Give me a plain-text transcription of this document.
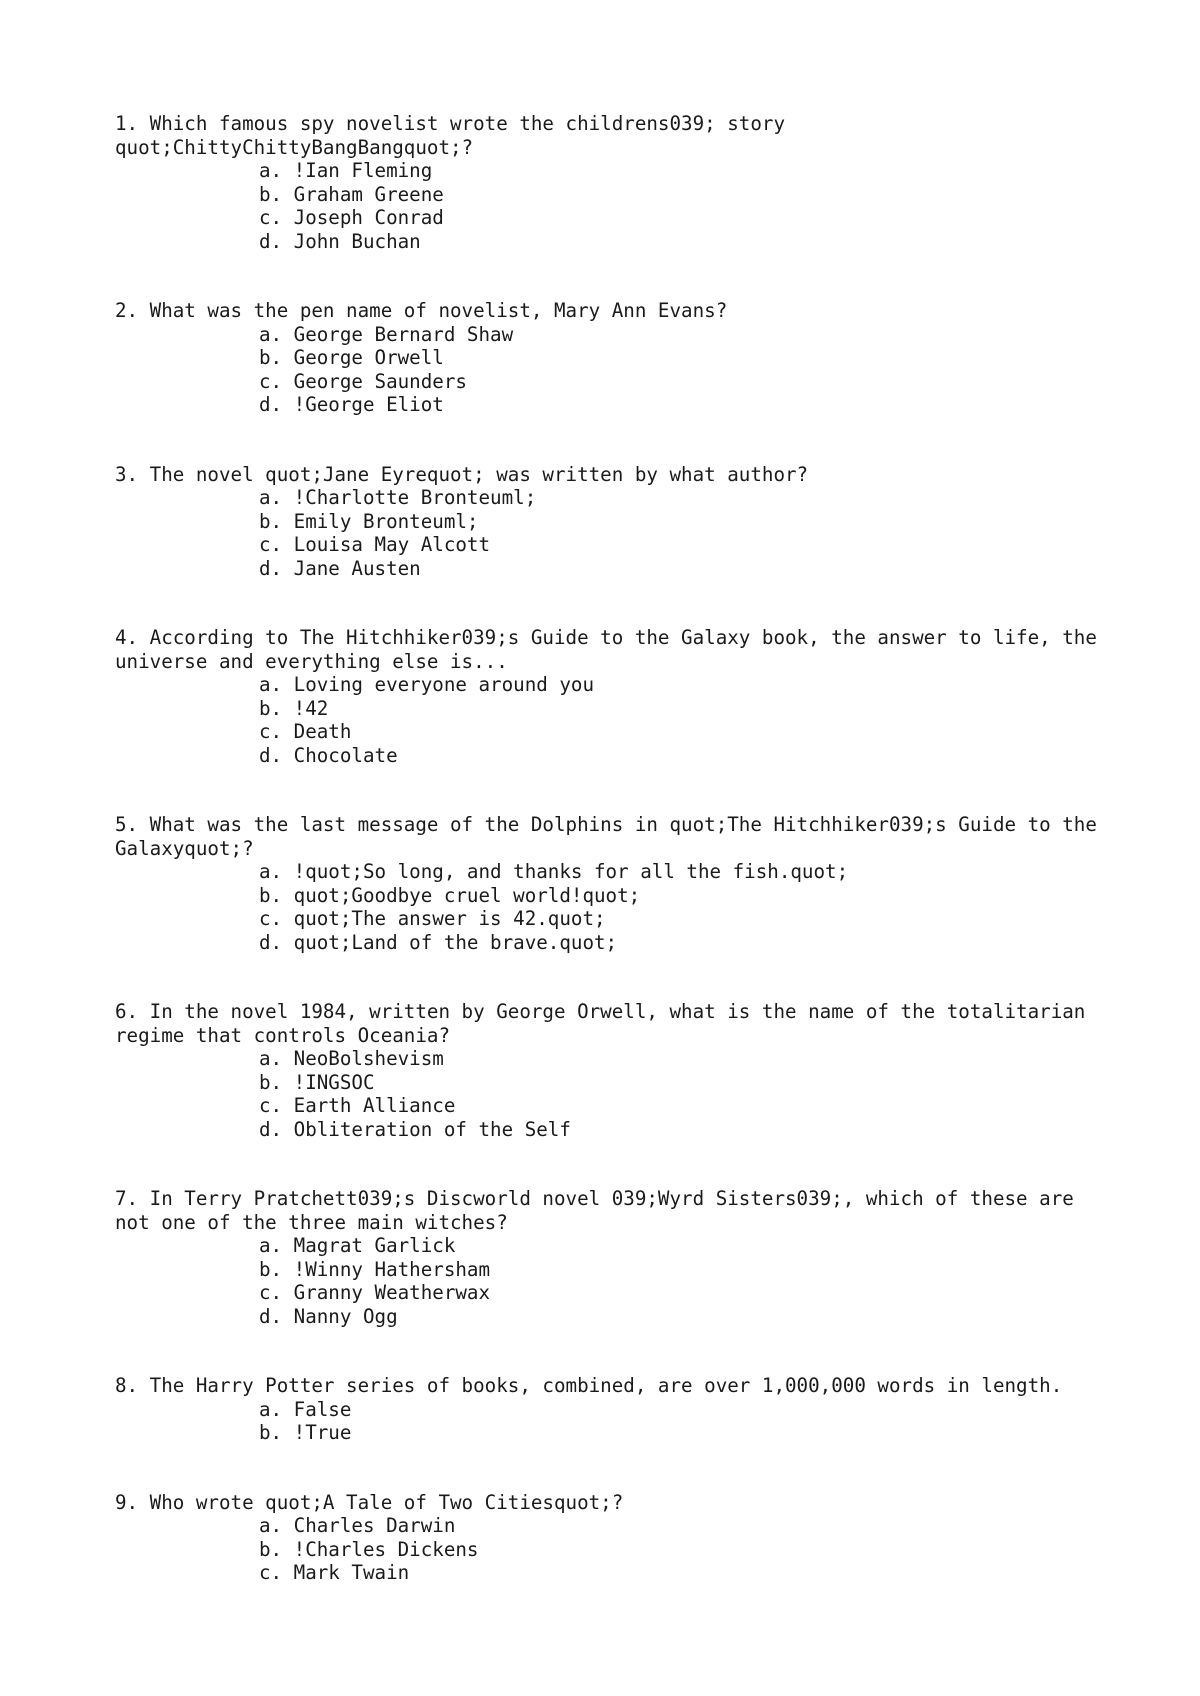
1. Which famous spy novelist wrote the childrens039; story quot;ChittyChittyBangBangquot;?

a. !Ian Fleming
b. Graham Greene
c. Joseph Conrad
d. John Buchan

2. What was the pen name of novelist, Mary Ann Evans?

a. George Bernard Shaw
b. George Orwell
c. George Saunders
d. !George Eliot

3. The novel quot;Jane Eyrequot; was written by what author?

a. !Charlotte Bronteuml;
b. Emily Bronteuml;
c. Louisa May Alcott
d. Jane Austen

4. According to The Hitchhiker039;s Guide to the Galaxy book, the answer to life, the universe and everything else is...

a. Loving everyone around you
b. !42
c. Death
d. Chocolate

5. What was the last message of the Dolphins in quot;The Hitchhiker039;s Guide to the Galaxyquot;?

a. !quot;So long, and thanks for all the fish.quot;
b. quot;Goodbye cruel world!quot;
c. quot;The answer is 42.quot;
d. quot;Land of the brave.quot;

6. In the novel 1984, written by George Orwell, what is the name of the totalitarian regime that controls Oceania?

a. NeoBolshevism
b. !INGSOC
c. Earth Alliance
d. Obliteration of the Self

7. In Terry Pratchett039;s Discworld novel 039;Wyrd Sisters039;, which of these are not one of the three main witches?

a. Magrat Garlick
b. !Winny Hathersham
c. Granny Weatherwax
d. Nanny Ogg

8. The Harry Potter series of books, combined, are over 1,000,000 words in length.

a. False
b. !True

9. Who wrote quot;A Tale of Two Citiesquot;?

a. Charles Darwin
b. !Charles Dickens
c. Mark Twain
